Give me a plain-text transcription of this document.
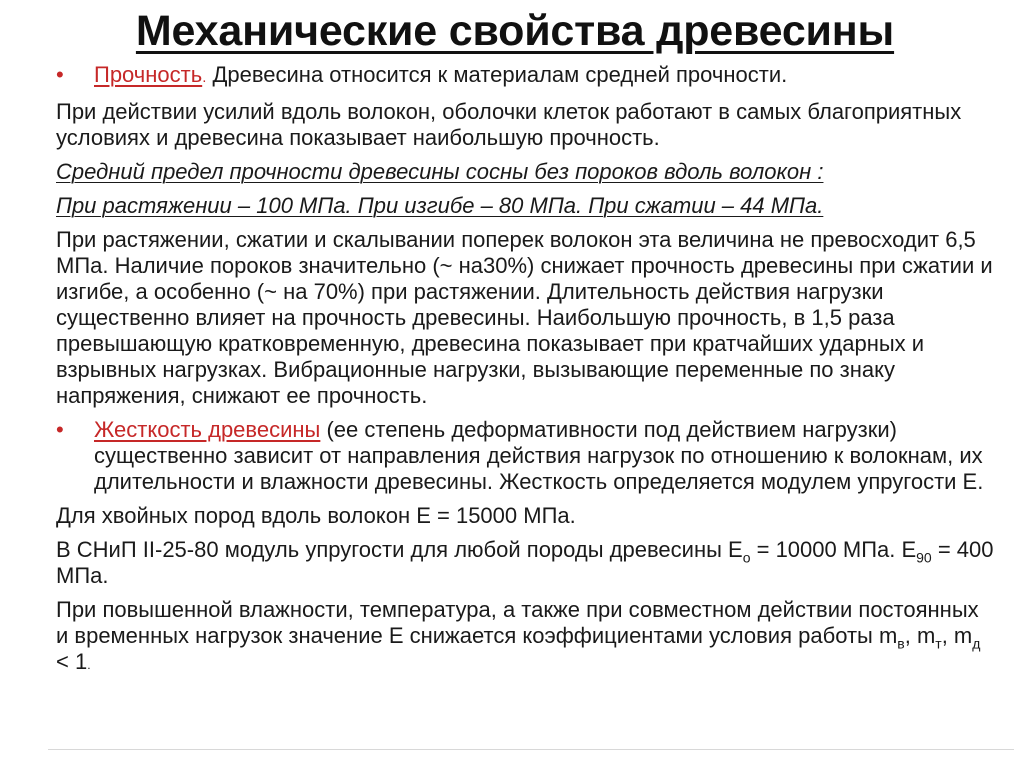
Механические свойства древесины
• Прочность. Древесина относится к материалам средней прочности.

При действии усилий вдоль волокон, оболочки клеток работают в самых благоприятных условиях и древесина показывает наибольшую прочность.

Средний предел прочности древесины сосны без пороков вдоль волокон :

При растяжении – 100 МПа. При изгибе – 80 МПа. При сжатии – 44 МПа.

При растяжении, сжатии и скалывании поперек волокон эта величина не превосходит 6,5 МПа. Наличие пороков значительно (~ на30%) снижает прочность древесины при сжатии и изгибе, а особенно (~ на 70%) при растяжении. Длительность действия нагрузки существенно влияет на прочность древесины. Наибольшую прочность, в 1,5 раза превышающую кратковременную, древесина показывает при кратчайших ударных и взрывных нагрузках. Вибрационные нагрузки, вызывающие переменные по знаку напряжения, снижают ее прочность.

• Жесткость древесины (ее степень деформативности под действием нагрузки) существенно зависит от направления действия нагрузок по отношению к волокнам, их длительности и влажности древесины. Жесткость определяется модулем упругости Е.

Для хвойных пород вдоль волокон Е = 15000 МПа.

В СНиП II-25-80 модуль упругости для любой породы древесины $Е_о = 10000$ МПа. $Е_{90} = 400$ МПа.

При повышенной влажности, температура, а также при совместном действии постоянных и временных нагрузок значение Е снижается коэффициентами условия работы $m_в$, $m_т$, $m_д < 1$.
